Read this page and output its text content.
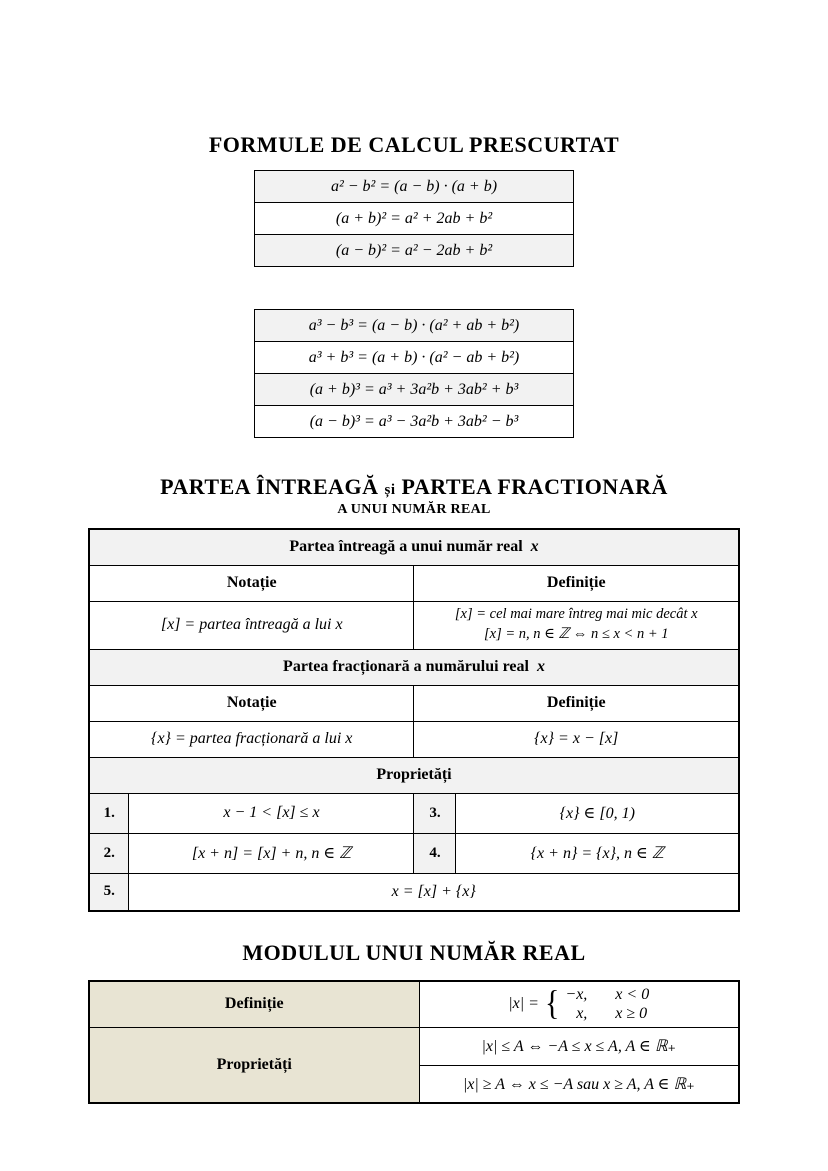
FORMULE DE CALCUL PRESCURTAT
a² − b² = (a − b) · (a + b)
(a + b)² = a² + 2ab + b²
(a − b)² = a² − 2ab + b²
a³ − b³ = (a − b) · (a² + ab + b²)
a³ + b³ = (a + b) · (a² − ab + b²)
(a + b)³ = a³ + 3a²b + 3ab² + b³
(a − b)³ = a³ − 3a²b + 3ab² − b³
PARTEA ÎNTREAGĂ și PARTEA FRACTIONARĂ
A UNUI NUMĂR REAL
Partea întreagă a unui număr real x			
Notație		Definiție	
[x] = partea întreagă a lui x		[x] = cel mai mare întreg mai mic decât x
[x] = n, n ∈ ℤ ⇔ n ≤ x < n + 1	

Partea fracționară a numărului real x			
Notație		Definiție	
{x} = partea fracționară a lui x		{x} = x − [x]	
Proprietăți			
1.	x − 1 < [x] ≤ x	3.	{x} ∈ [0, 1)
2.	[x + n] = [x] + n, n ∈ ℤ	4.	{x + n} = {x}, n ∈ ℤ
5.	x = [x] + {x}		
MODULUL UNUI NUMĂR REAL
Definiție	|x| = { −x, x < 0
x, x ≥ 0

Proprietăți	|x| ≤ A ⇔ −A ≤ x ≤ A, A ∈ ℝ₊
	|x| ≥ A ⇔ x ≤ −A sau x ≥ A, A ∈ ℝ₊
